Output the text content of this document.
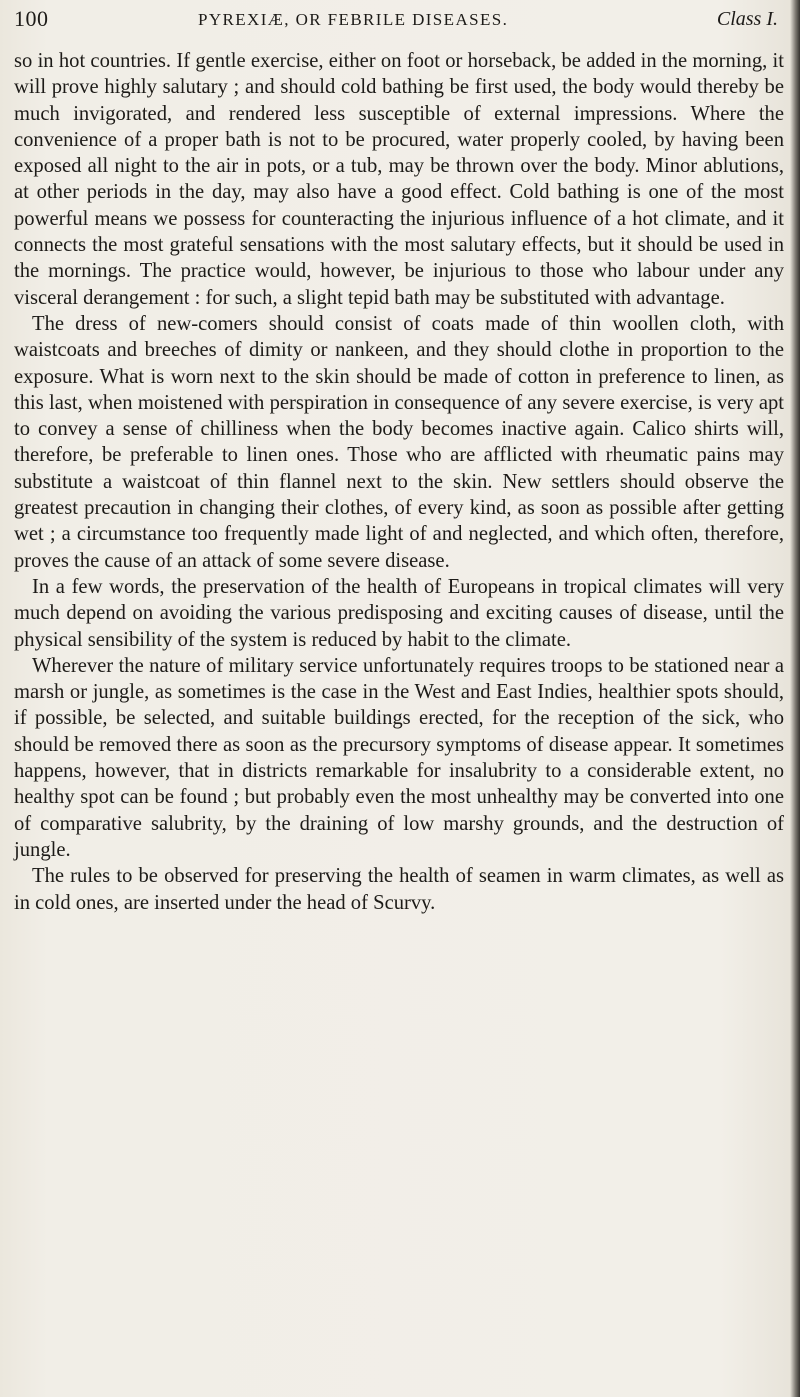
100	PYREXIÆ, OR FEBRILE DISEASES.	Class I.

so in hot countries. If gentle exercise, either on foot or horseback, be added in the morning, it will prove highly salutary ; and should cold bathing be first used, the body would thereby be much invigorated, and rendered less susceptible of external impressions. Where the convenience of a proper bath is not to be procured, water properly cooled, by having been exposed all night to the air in pots, or a tub, may be thrown over the body. Minor ablutions, at other periods in the day, may also have a good effect. Cold bathing is one of the most powerful means we possess for counteracting the injurious influence of a hot climate, and it connects the most grateful sensations with the most salutary effects, but it should be used in the mornings. The practice would, however, be injurious to those who labour under any visceral derangement : for such, a slight tepid bath may be substituted with advantage.

The dress of new-comers should consist of coats made of thin woollen cloth, with waistcoats and breeches of dimity or nankeen, and they should clothe in proportion to the exposure. What is worn next to the skin should be made of cotton in preference to linen, as this last, when moistened with perspiration in consequence of any severe exercise, is very apt to convey a sense of chilliness when the body becomes inactive again. Calico shirts will, therefore, be preferable to linen ones. Those who are afflicted with rheumatic pains may substitute a waistcoat of thin flannel next to the skin. New settlers should observe the greatest precaution in changing their clothes, of every kind, as soon as possible after getting wet ; a circumstance too frequently made light of and neglected, and which often, therefore, proves the cause of an attack of some severe disease.

In a few words, the preservation of the health of Europeans in tropical climates will very much depend on avoiding the various predisposing and exciting causes of disease, until the physical sensibility of the system is reduced by habit to the climate.

Wherever the nature of military service unfortunately requires troops to be stationed near a marsh or jungle, as sometimes is the case in the West and East Indies, healthier spots should, if possible, be selected, and suitable buildings erected, for the reception of the sick, who should be removed there as soon as the precursory symptoms of disease appear. It sometimes happens, however, that in districts remarkable for insalubrity to a considerable extent, no healthy spot can be found ; but probably even the most unhealthy may be converted into one of comparative salubrity, by the draining of low marshy grounds, and the destruction of jungle.

The rules to be observed for preserving the health of seamen in warm climates, as well as in cold ones, are inserted under the head of Scurvy.
